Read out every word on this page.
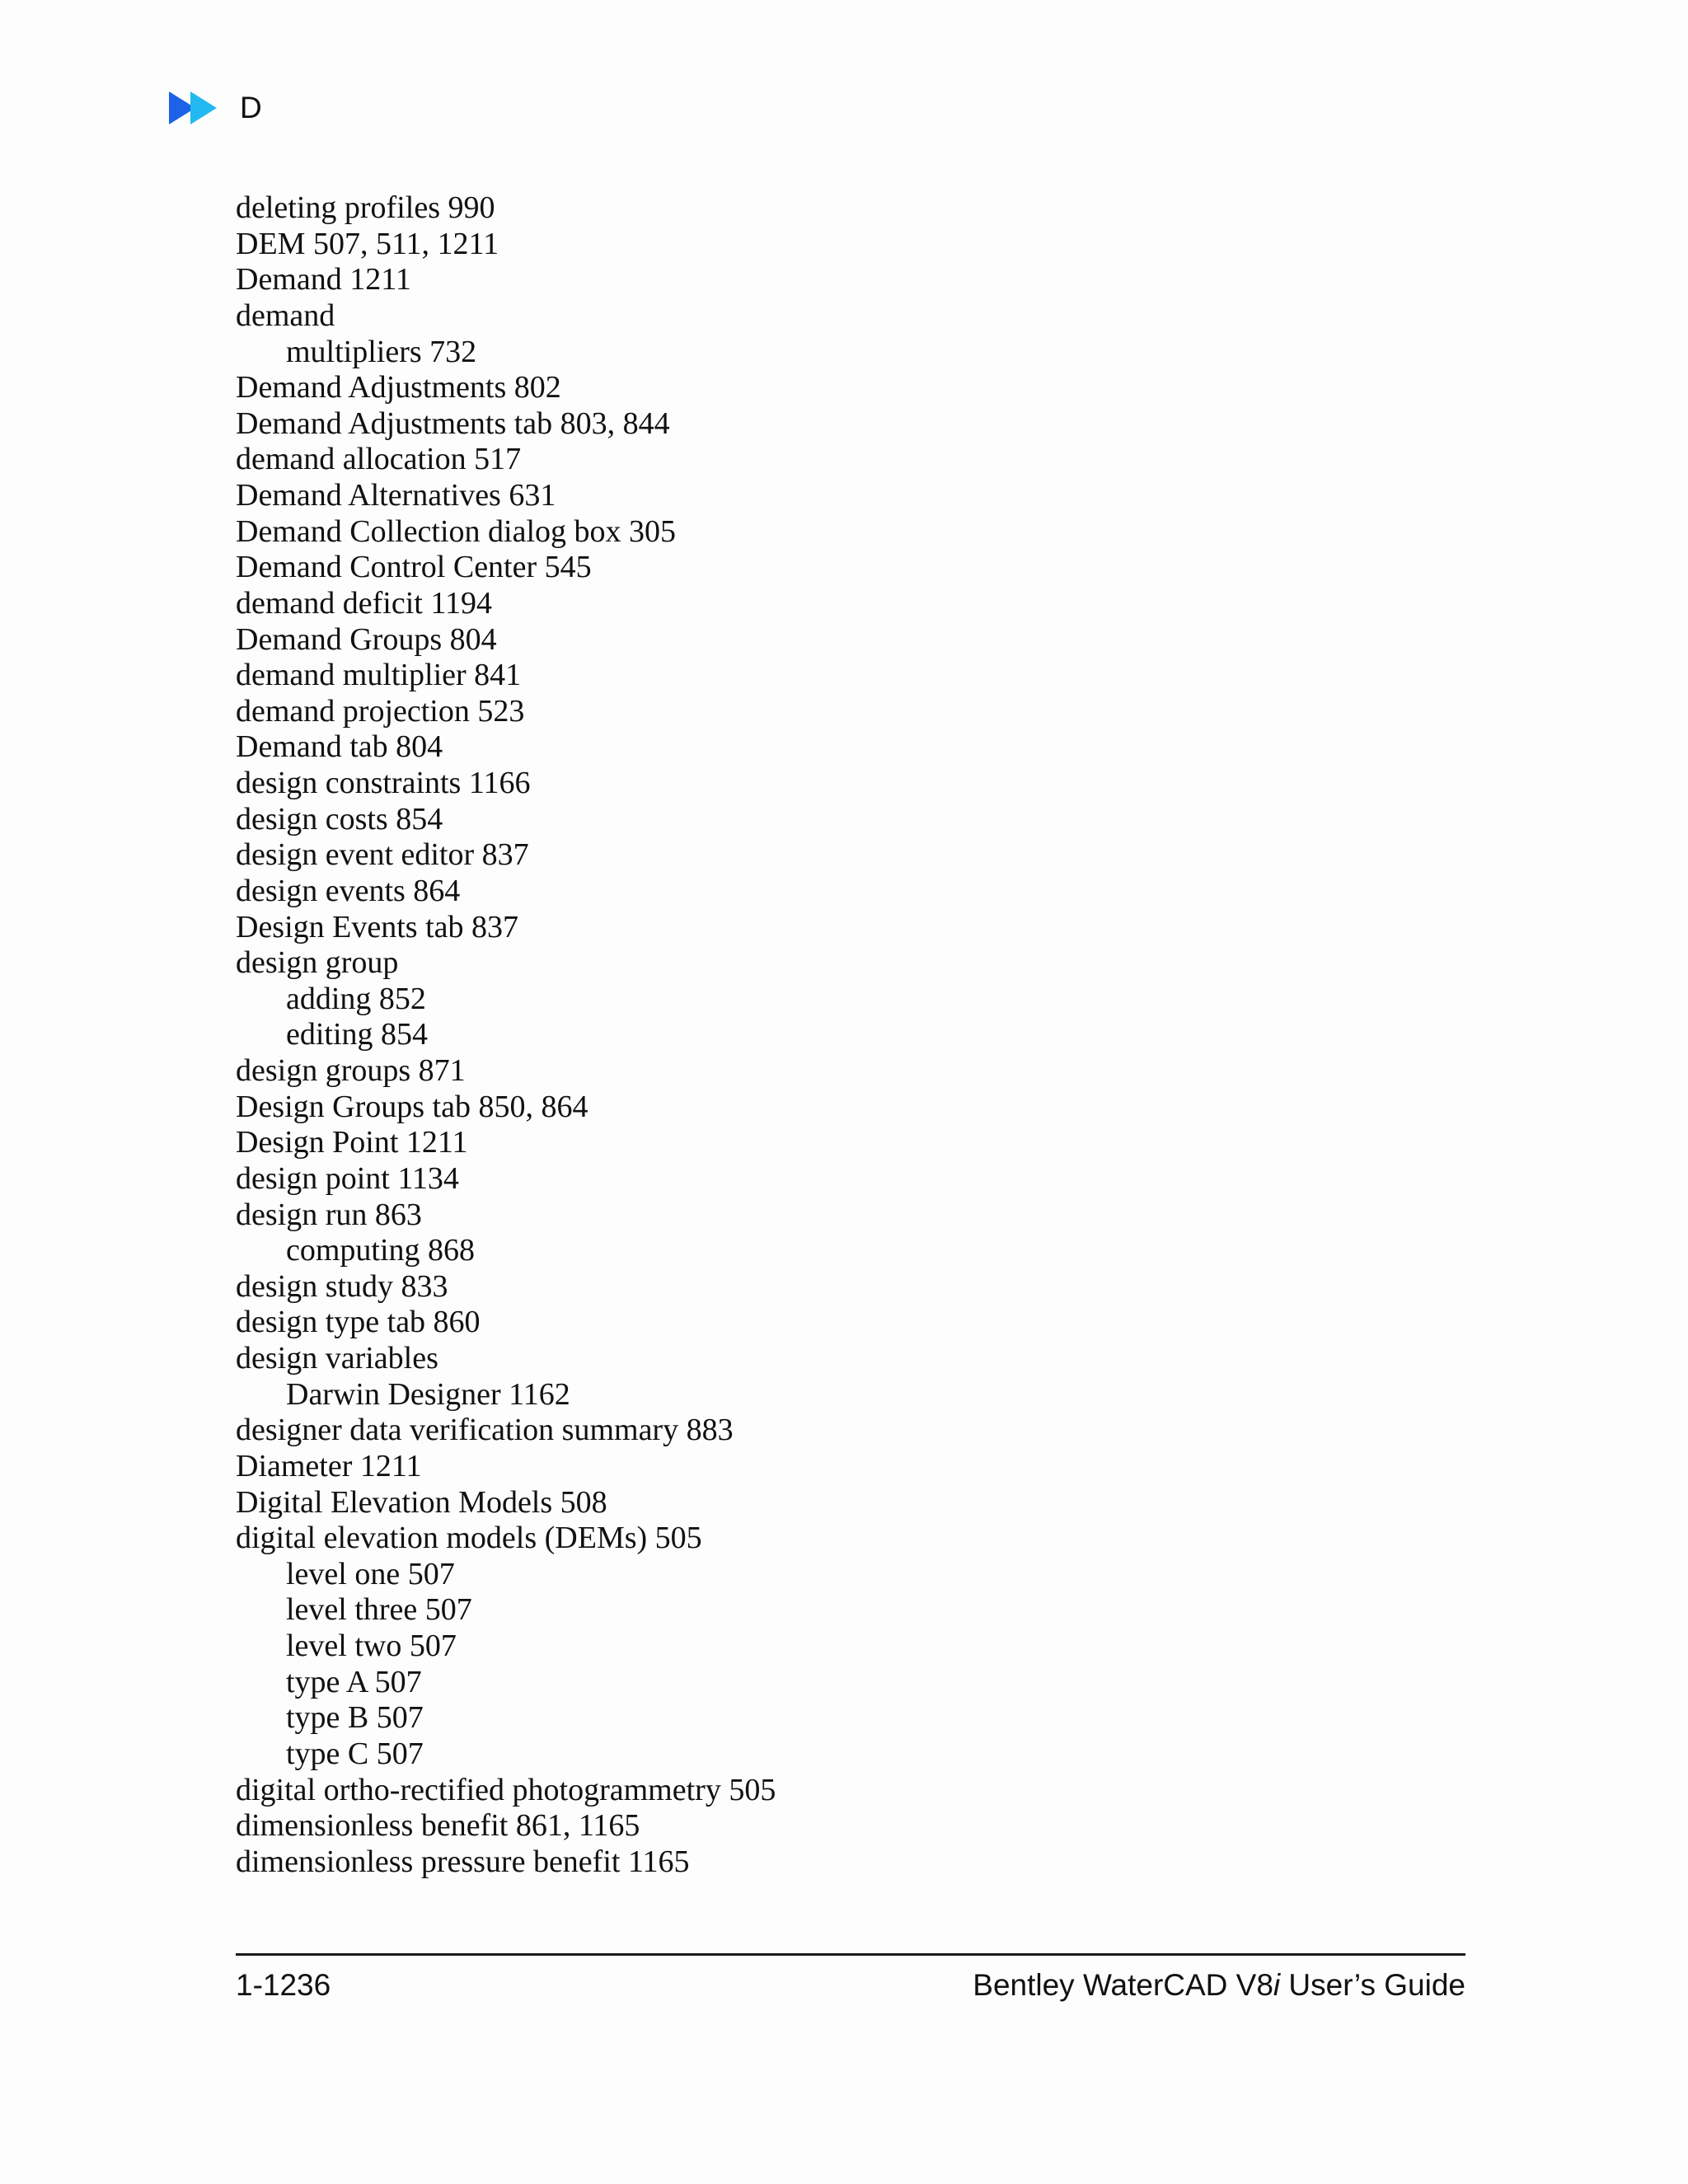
D
deleting profiles 990
DEM 507, 511, 1211
Demand 1211
demand
multipliers 732
Demand Adjustments 802
Demand Adjustments tab 803, 844
demand allocation 517
Demand Alternatives 631
Demand Collection dialog box 305
Demand Control Center 545
demand deficit 1194
Demand Groups 804
demand multiplier 841
demand projection 523
Demand tab 804
design constraints 1166
design costs 854
design event editor 837
design events 864
Design Events tab 837
design group
adding 852
editing 854
design groups 871
Design Groups tab 850, 864
Design Point 1211
design point 1134
design run 863
computing 868
design study 833
design type tab 860
design variables
Darwin Designer 1162
designer data verification summary 883
Diameter 1211
Digital Elevation Models 508
digital elevation models (DEMs) 505
level one 507
level three 507
level two 507
type A 507
type B 507
type C 507
digital ortho-rectified photogrammetry 505
dimensionless benefit 861, 1165
dimensionless pressure benefit 1165
1-1236	Bentley WaterCAD V8i User’s Guide
